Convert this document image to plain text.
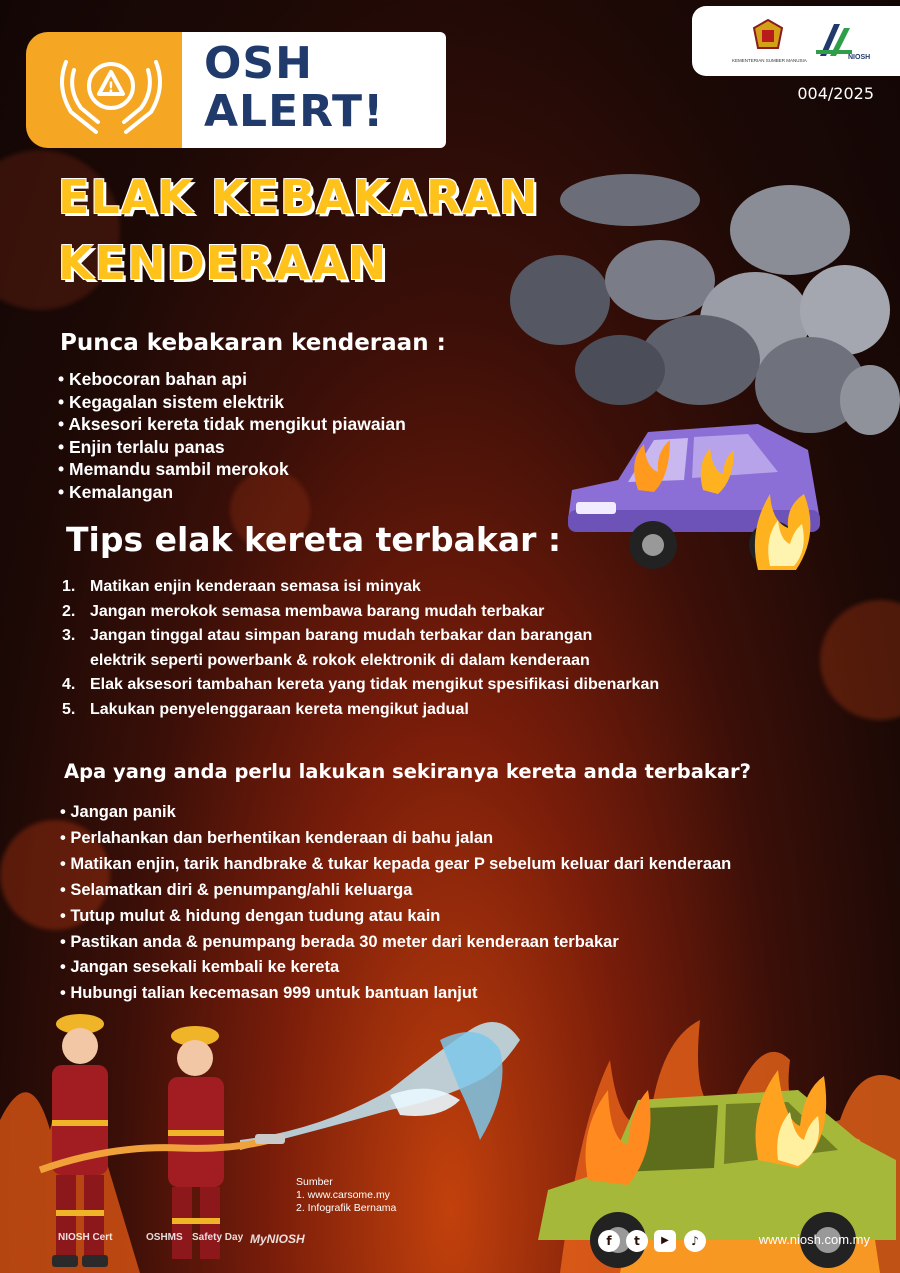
! OSH
ALERT!
KEMENTERIAN SUMBER MANUSIA	NIOSH
004/2025
ELAK KEBAKARAN
KENDERAAN
Punca kebakaran kenderaan :
• Kebocoran bahan api
• Kegagalan sistem elektrik
• Aksesori kereta tidak mengikut piawaian
• Enjin terlalu panas
• Memandu sambil merokok
• Kemalangan
Tips elak kereta terbakar :
1. Matikan enjin kenderaan semasa isi minyak
2. Jangan merokok semasa membawa barang mudah terbakar
3. Jangan tinggal atau simpan barang mudah terbakar dan barangan
elektrik seperti powerbank & rokok elektronik di dalam kenderaan
4. Elak aksesori tambahan kereta yang tidak mengikut spesifikasi dibenarkan
5. Lakukan penyelenggaraan kereta mengikut jadual
Apa yang anda perlu lakukan sekiranya kereta anda terbakar?
• Jangan panik
• Perlahankan dan berhentikan kenderaan di bahu jalan
• Matikan enjin, tarik handbrake & tukar kepada gear P sebelum keluar dari kenderaan
• Selamatkan diri & penumpang/ahli keluarga
• Tutup mulut & hidung dengan tudung atau kain
• Pastikan anda & penumpang berada 30 meter dari kenderaan terbakar
• Jangan sesekali kembali ke kereta
• Hubungi talian kecemasan 999 untuk bantuan lanjut
Sumber
1. www.carsome.my
2. Infografik Bernama
NIOSH Cert	MyNIOSH
OSHMS Safety Day	f	t	▶	♪	www.niosh.com.my
